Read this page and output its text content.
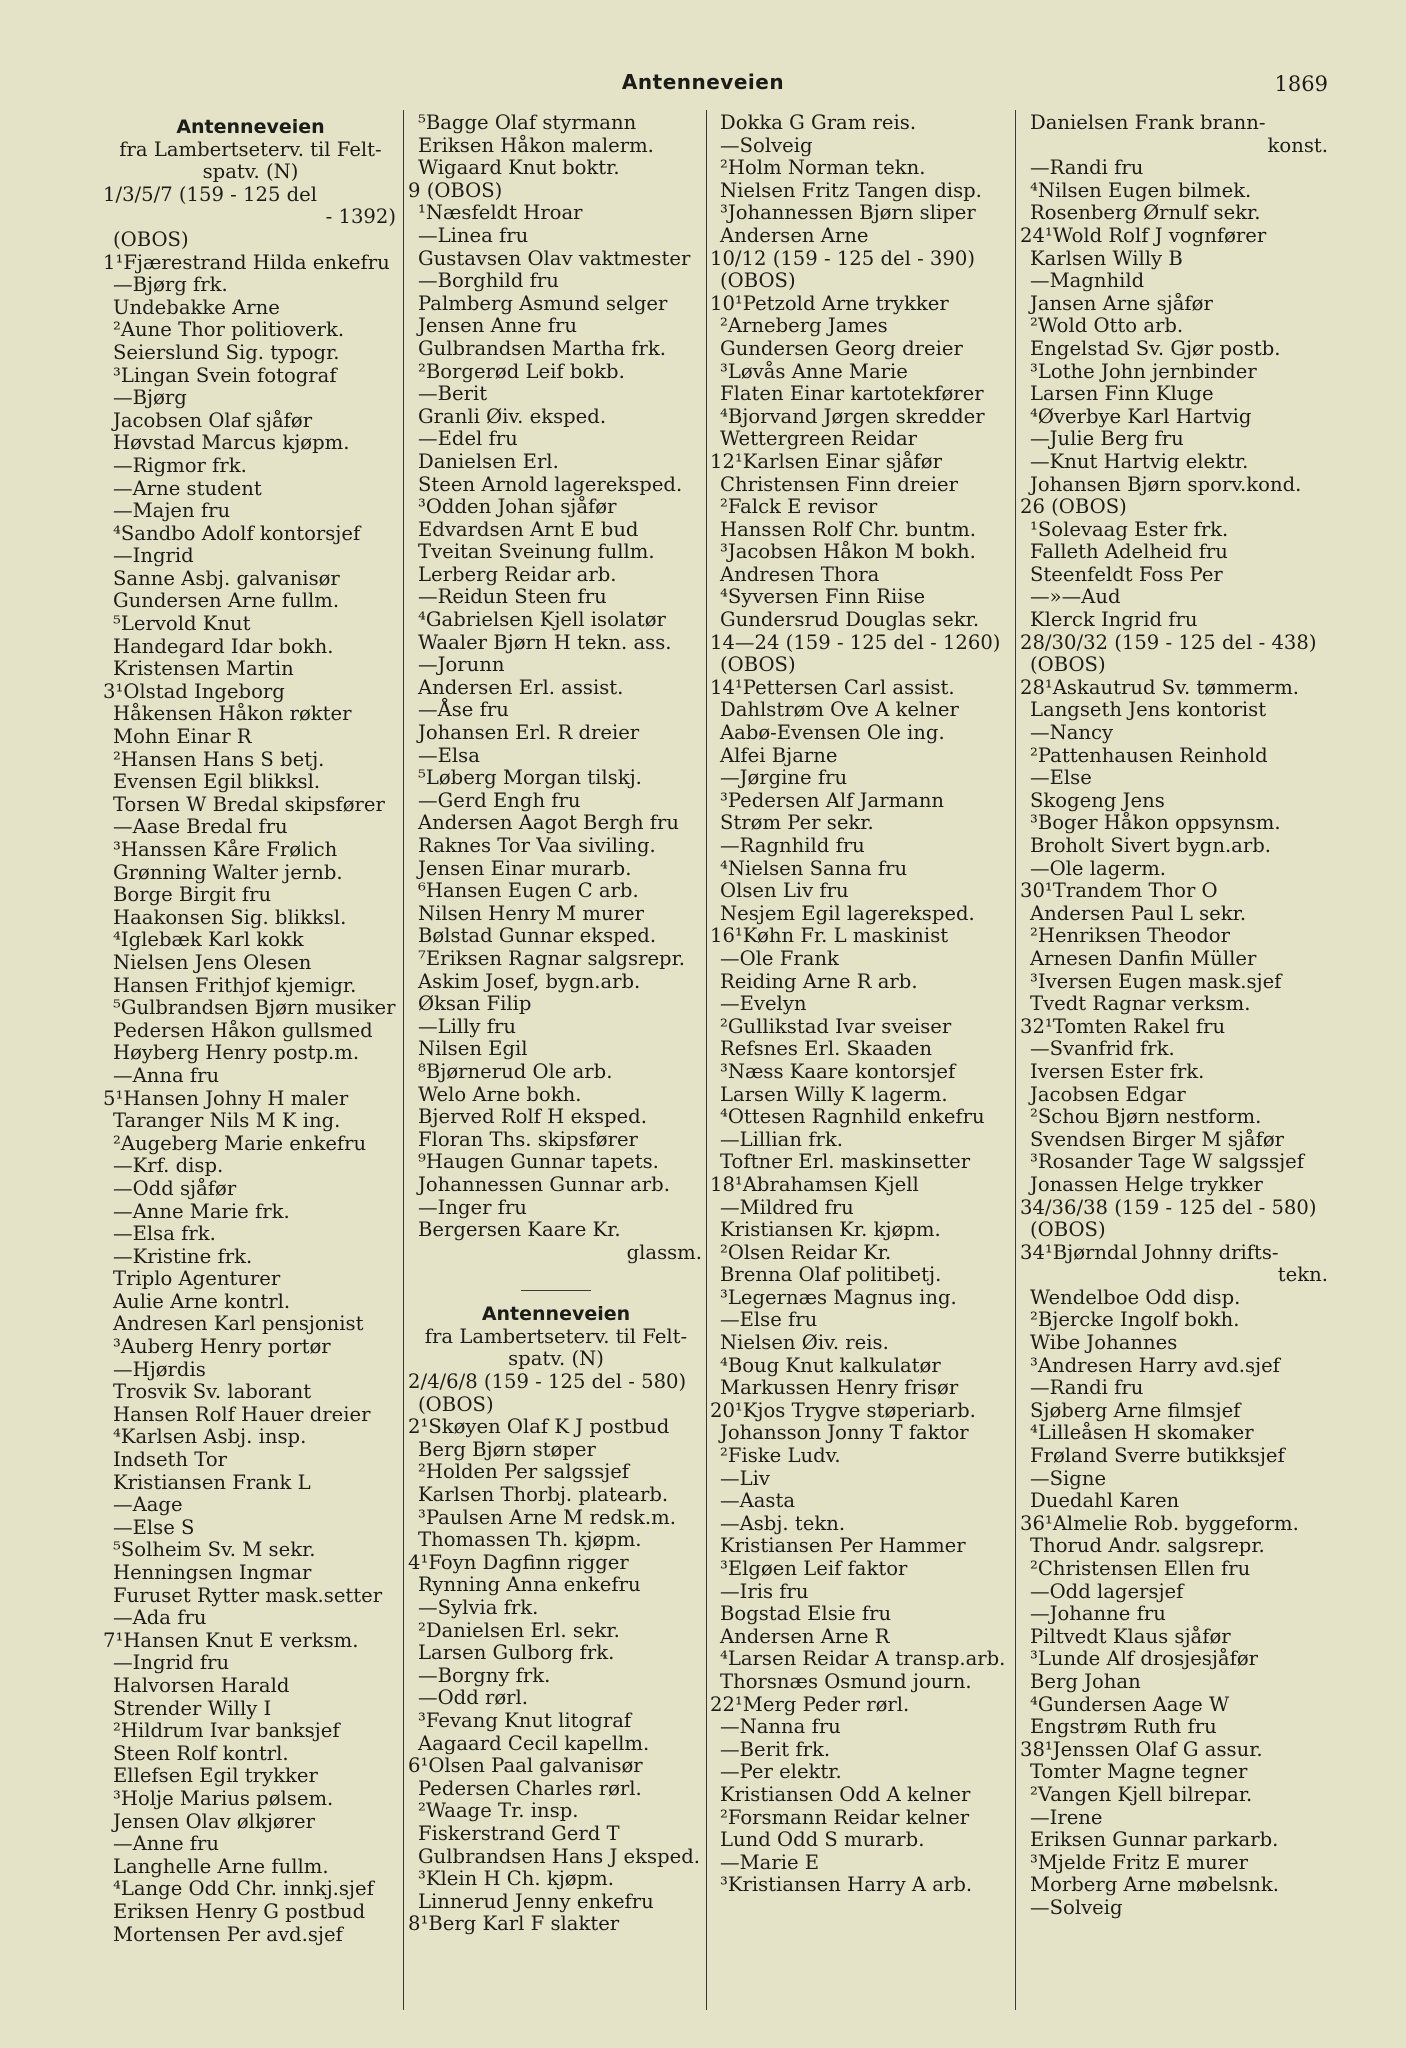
Antenneveien	1869
Antenneveien
fra Lambertseterv. til Felt-
spatv. (N)
1/3/5/7 (159 - 125 del
- 1392)
(OBOS)
1¹Fjærestrand Hilda enkefru
—Bjørg frk.
Undebakke Arne
²Aune Thor politioverk.
Seierslund Sig. typogr.
³Lingan Svein fotograf
—Bjørg
Jacobsen Olaf sjåfør
Høvstad Marcus kjøpm.
—Rigmor frk.
—Arne student
—Majen fru
⁴Sandbo Adolf kontorsjef
—Ingrid
Sanne Asbj. galvanisør
Gundersen Arne fullm.
⁵Lervold Knut
Handegard Idar bokh.
Kristensen Martin
3¹Olstad Ingeborg
Håkensen Håkon røkter
Mohn Einar R
²Hansen Hans S betj.
Evensen Egil blikksl.
Torsen W Bredal skipsfører
—Aase Bredal fru
³Hanssen Kåre Frølich
Grønning Walter jernb.
Borge Birgit fru
Haakonsen Sig. blikksl.
⁴Iglebæk Karl kokk
Nielsen Jens Olesen
Hansen Frithjof kjemigr.
⁵Gulbrandsen Bjørn musiker
Pedersen Håkon gullsmed
Høyberg Henry postp.m.
—Anna fru
5¹Hansen Johny H maler
Taranger Nils M K ing.
²Augeberg Marie enkefru
—Krf. disp.
—Odd sjåfør
—Anne Marie frk.
—Elsa frk.
—Kristine frk.
Triplo Agenturer
Aulie Arne kontrl.
Andresen Karl pensjonist
³Auberg Henry portør
—Hjørdis
Trosvik Sv. laborant
Hansen Rolf Hauer dreier
⁴Karlsen Asbj. insp.
Indseth Tor
Kristiansen Frank L
—Aage
—Else S
⁵Solheim Sv. M sekr.
Henningsen Ingmar
Furuset Rytter mask.setter
—Ada fru
7¹Hansen Knut E verksm.
—Ingrid fru
Halvorsen Harald
Strender Willy I
²Hildrum Ivar banksjef
Steen Rolf kontrl.
Ellefsen Egil trykker
³Holje Marius pølsem.
Jensen Olav ølkjører
—Anne fru
Langhelle Arne fullm.
⁴Lange Odd Chr. innkj.sjef
Eriksen Henry G postbud
Mortensen Per avd.sjef
⁵Bagge Olaf styrmann
Eriksen Håkon malerm.
Wigaard Knut boktr.
9 (OBOS)
¹Næsfeldt Hroar
—Linea fru
Gustavsen Olav vaktmester
—Borghild fru
Palmberg Asmund selger
Jensen Anne fru
Gulbrandsen Martha frk.
²Borgerød Leif bokb.
—Berit
Granli Øiv. eksped.
—Edel fru
Danielsen Erl.
Steen Arnold lagereksped.
³Odden Johan sjåfør
Edvardsen Arnt E bud
Tveitan Sveinung fullm.
Lerberg Reidar arb.
—Reidun Steen fru
⁴Gabrielsen Kjell isolatør
Waaler Bjørn H tekn. ass.
—Jorunn
Andersen Erl. assist.
—Åse fru
Johansen Erl. R dreier
—Elsa
⁵Løberg Morgan tilskj.
—Gerd Engh fru
Andersen Aagot Bergh fru
Raknes Tor Vaa siviling.
Jensen Einar murarb.
⁶Hansen Eugen C arb.
Nilsen Henry M murer
Bølstad Gunnar eksped.
⁷Eriksen Ragnar salgsrepr.
Askim Josef, bygn.arb.
Øksan Filip
—Lilly fru
Nilsen Egil
⁸Bjørnerud Ole arb.
Welo Arne bokh.
Bjerved Rolf H eksped.
Floran Ths. skipsfører
⁹Haugen Gunnar tapets.
Johannessen Gunnar arb.
—Inger fru
Bergersen Kaare Kr.
glassm.
Antenneveien
fra Lambertseterv. til Felt-
spatv. (N)
2/4/6/8 (159 - 125 del - 580)
(OBOS)
2¹Skøyen Olaf K J postbud
Berg Bjørn støper
²Holden Per salgssjef
Karlsen Thorbj. platearb.
³Paulsen Arne M redsk.m.
Thomassen Th. kjøpm.
4¹Foyn Dagfinn rigger
Rynning Anna enkefru
—Sylvia frk.
²Danielsen Erl. sekr.
Larsen Gulborg frk.
—Borgny frk.
—Odd rørl.
³Fevang Knut litograf
Aagaard Cecil kapellm.
6¹Olsen Paal galvanisør
Pedersen Charles rørl.
²Waage Tr. insp.
Fiskerstrand Gerd T
Gulbrandsen Hans J eksped.
³Klein H Ch. kjøpm.
Linnerud Jenny enkefru
8¹Berg Karl F slakter
Dokka G Gram reis.
—Solveig
²Holm Norman tekn.
Nielsen Fritz Tangen disp.
³Johannessen Bjørn sliper
Andersen Arne
10/12 (159 - 125 del - 390)
(OBOS)
10¹Petzold Arne trykker
²Arneberg James
Gundersen Georg dreier
³Løvås Anne Marie
Flaten Einar kartotekfører
⁴Bjorvand Jørgen skredder
Wettergreen Reidar
12¹Karlsen Einar sjåfør
Christensen Finn dreier
²Falck E revisor
Hanssen Rolf Chr. buntm.
³Jacobsen Håkon M bokh.
Andresen Thora
⁴Syversen Finn Riise
Gundersrud Douglas sekr.
14—24 (159 - 125 del - 1260)
(OBOS)
14¹Pettersen Carl assist.
Dahlstrøm Ove A kelner
Aabø-Evensen Ole ing.
Alfei Bjarne
—Jørgine fru
³Pedersen Alf Jarmann
Strøm Per sekr.
—Ragnhild fru
⁴Nielsen Sanna fru
Olsen Liv fru
Nesjem Egil lagereksped.
16¹Køhn Fr. L maskinist
—Ole Frank
Reiding Arne R arb.
—Evelyn
²Gullikstad Ivar sveiser
Refsnes Erl. Skaaden
³Næss Kaare kontorsjef
Larsen Willy K lagerm.
⁴Ottesen Ragnhild enkefru
—Lillian frk.
Toftner Erl. maskinsetter
18¹Abrahamsen Kjell
—Mildred fru
Kristiansen Kr. kjøpm.
²Olsen Reidar Kr.
Brenna Olaf politibetj.
³Legernæs Magnus ing.
—Else fru
Nielsen Øiv. reis.
⁴Boug Knut kalkulatør
Markussen Henry frisør
20¹Kjos Trygve støperiarb.
Johansson Jonny T faktor
²Fiske Ludv.
—Liv
—Aasta
—Asbj. tekn.
Kristiansen Per Hammer
³Elgøen Leif faktor
—Iris fru
Bogstad Elsie fru
Andersen Arne R
⁴Larsen Reidar A transp.arb.
Thorsnæs Osmund journ.
22¹Merg Peder rørl.
—Nanna fru
—Berit frk.
—Per elektr.
Kristiansen Odd A kelner
²Forsmann Reidar kelner
Lund Odd S murarb.
—Marie E
³Kristiansen Harry A arb.
Danielsen Frank brann-
konst.
—Randi fru
⁴Nilsen Eugen bilmek.
Rosenberg Ørnulf sekr.
24¹Wold Rolf J vognfører
Karlsen Willy B
—Magnhild
Jansen Arne sjåfør
²Wold Otto arb.
Engelstad Sv. Gjør postb.
³Lothe John jernbinder
Larsen Finn Kluge
⁴Øverbye Karl Hartvig
—Julie Berg fru
—Knut Hartvig elektr.
Johansen Bjørn sporv.kond.
26 (OBOS)
¹Solevaag Ester frk.
Falleth Adelheid fru
Steenfeldt Foss Per
—»—Aud
Klerck Ingrid fru
28/30/32 (159 - 125 del - 438)
(OBOS)
28¹Askautrud Sv. tømmerm.
Langseth Jens kontorist
—Nancy
²Pattenhausen Reinhold
—Else
Skogeng Jens
³Boger Håkon oppsynsm.
Broholt Sivert bygn.arb.
—Ole lagerm.
30¹Trandem Thor O
Andersen Paul L sekr.
²Henriksen Theodor
Arnesen Danfin Müller
³Iversen Eugen mask.sjef
Tvedt Ragnar verksm.
32¹Tomten Rakel fru
—Svanfrid frk.
Iversen Ester frk.
Jacobsen Edgar
²Schou Bjørn nestform.
Svendsen Birger M sjåfør
³Rosander Tage W salgssjef
Jonassen Helge trykker
34/36/38 (159 - 125 del - 580)
(OBOS)
34¹Bjørndal Johnny drifts-
tekn.
Wendelboe Odd disp.
²Bjercke Ingolf bokh.
Wibe Johannes
³Andresen Harry avd.sjef
—Randi fru
Sjøberg Arne filmsjef
⁴Lilleåsen H skomaker
Frøland Sverre butikksjef
—Signe
Duedahl Karen
36¹Almelie Rob. byggeform.
Thorud Andr. salgsrepr.
²Christensen Ellen fru
—Odd lagersjef
—Johanne fru
Piltvedt Klaus sjåfør
³Lunde Alf drosjesjåfør
Berg Johan
⁴Gundersen Aage W
Engstrøm Ruth fru
38¹Jenssen Olaf G assur.
Tomter Magne tegner
²Vangen Kjell bilrepar.
—Irene
Eriksen Gunnar parkarb.
³Mjelde Fritz E murer
Morberg Arne møbelsnk.
—Solveig
